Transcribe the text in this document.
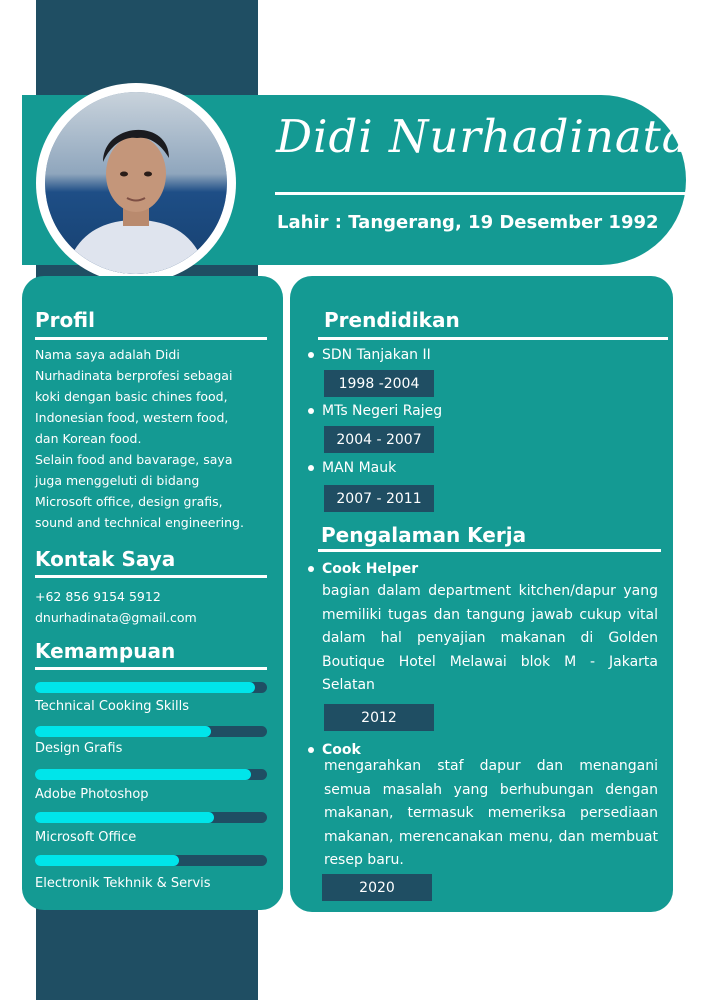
Didi Nurhadinata
Lahir : Tangerang, 19 Desember 1992
Profil
Nama saya adalah Didi
Nurhadinata berprofesi sebagai
koki dengan basic chines food,
Indonesian food, western food,
dan Korean food.
Selain food and bavarage, saya
juga menggeluti di bidang
Microsoft office, design grafis,
sound and technical engineering.
Kontak Saya
+62 856 9154 5912
dnurhadinata@gmail.com
Kemampuan
Technical Cooking Skills
Design Grafis
Adobe Photoshop
Microsoft Office
Electronik Tekhnik & Servis
Prendidikan
SDN Tanjakan II
1998 -2004
MTs Negeri Rajeg
2004 - 2007
MAN Mauk
2007 - 2011
Pengalaman Kerja
Cook Helper
bagian dalam department kitchen/dapur yang memiliki tugas dan tangung jawab cukup vital dalam hal penyajian makanan di Golden Boutique Hotel Melawai blok M - Jakarta Selatan
2012
Cook
mengarahkan staf dapur dan menangani semua masalah yang berhubungan dengan makanan, termasuk memeriksa persediaan makanan, merencanakan menu, dan membuat resep baru.
2020
